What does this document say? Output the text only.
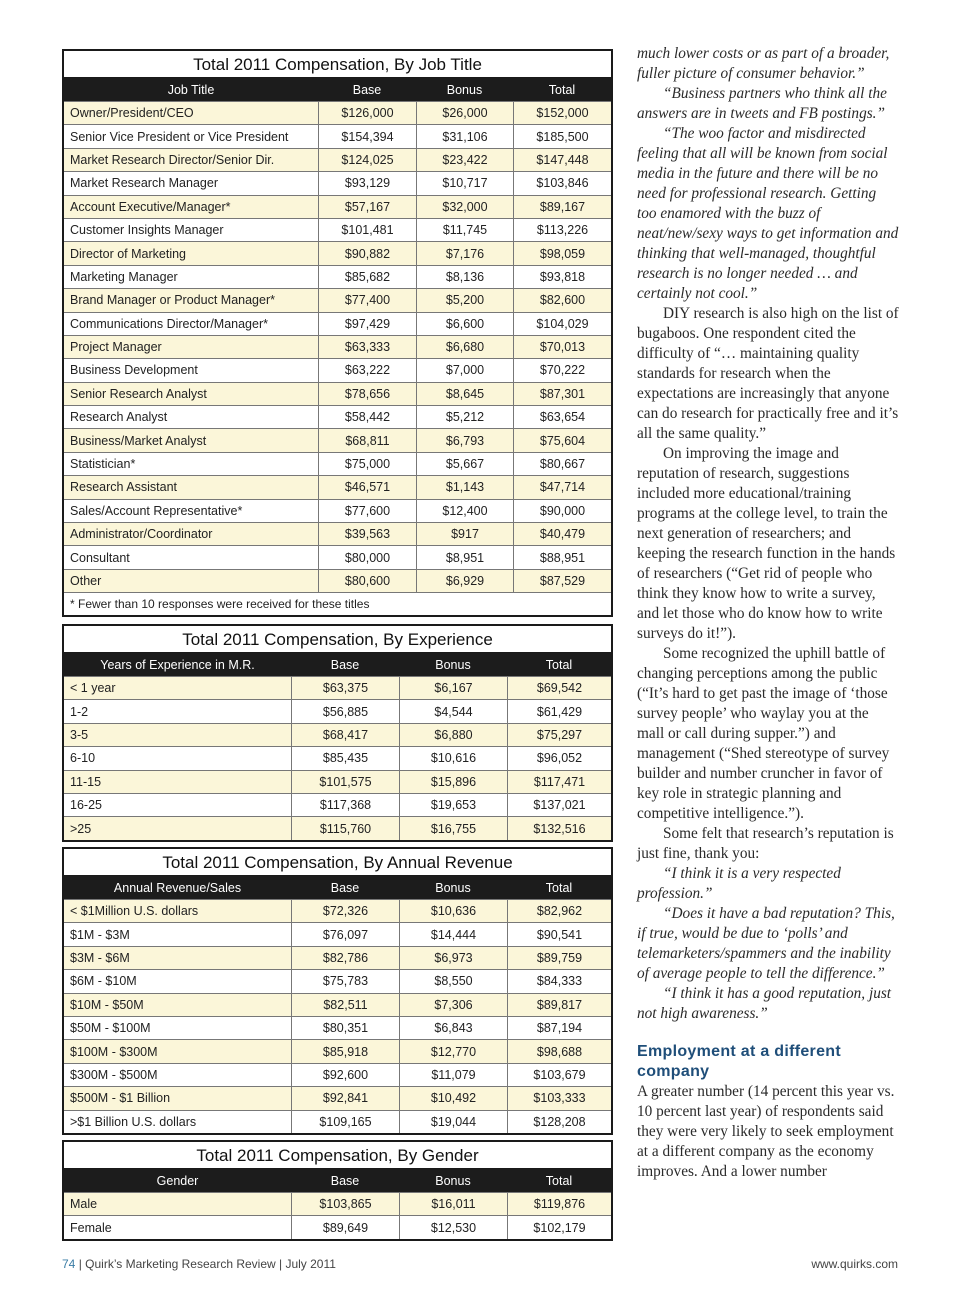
Total 2011 Compensation, By Job Title
Job Title	Base	Bonus	Total
Owner/President/CEO	$126,000	$26,000	$152,000
Senior Vice President or Vice President	$154,394	$31,106	$185,500
Market Research Director/Senior Dir.	$124,025	$23,422	$147,448
Market Research Manager	$93,129	$10,717	$103,846
Account Executive/Manager*	$57,167	$32,000	$89,167
Customer Insights Manager	$101,481	$11,745	$113,226
Director of Marketing	$90,882	$7,176	$98,059
Marketing Manager	$85,682	$8,136	$93,818
Brand Manager or Product Manager*	$77,400	$5,200	$82,600
Communications Director/Manager*	$97,429	$6,600	$104,029
Project Manager	$63,333	$6,680	$70,013
Business Development	$63,222	$7,000	$70,222
Senior Research Analyst	$78,656	$8,645	$87,301
Research Analyst	$58,442	$5,212	$63,654
Business/Market Analyst	$68,811	$6,793	$75,604
Statistician*	$75,000	$5,667	$80,667
Research Assistant	$46,571	$1,143	$47,714
Sales/Account Representative*	$77,600	$12,400	$90,000
Administrator/Coordinator	$39,563	$917	$40,479
Consultant	$80,000	$8,951	$88,951
Other	$80,600	$6,929	$87,529
* Fewer than 10 responses were received for these titles
Total 2011 Compensation, By Experience
Years of Experience in M.R.	Base	Bonus	Total
< 1 year	$63,375	$6,167	$69,542
1-2	$56,885	$4,544	$61,429
3-5	$68,417	$6,880	$75,297
6-10	$85,435	$10,616	$96,052
11-15	$101,575	$15,896	$117,471
16-25	$117,368	$19,653	$137,021
>25	$115,760	$16,755	$132,516
Total 2011 Compensation, By Annual Revenue
Annual Revenue/Sales	Base	Bonus	Total
< $1Million U.S. dollars	$72,326	$10,636	$82,962
$1M - $3M	$76,097	$14,444	$90,541
$3M - $6M	$82,786	$6,973	$89,759
$6M - $10M	$75,783	$8,550	$84,333
$10M - $50M	$82,511	$7,306	$89,817
$50M - $100M	$80,351	$6,843	$87,194
$100M - $300M	$85,918	$12,770	$98,688
$300M - $500M	$92,600	$11,079	$103,679
$500M - $1 Billion	$92,841	$10,492	$103,333
>$1 Billion U.S. dollars	$109,165	$19,044	$128,208
Total 2011 Compensation, By Gender
Gender	Base	Bonus	Total
Male	$103,865	$16,011	$119,876
Female	$89,649	$12,530	$102,179

much lower costs or as part of a broader, fuller picture of consumer behavior.”

“Business partners who think all the answers are in tweets and FB postings.”

“The woo factor and misdirected feeling that all will be known from social media in the future and there will be no need for professional research. Getting too enamored with the buzz of neat/new/sexy ways to get information and thinking that well-managed, thoughtful research is no longer needed … and certainly not cool.”

DIY research is also high on the list of bugaboos. One respondent cited the difficulty of “… maintaining quality standards for research when the expectations are increasingly that anyone can do research for practically free and it’s all the same quality.”

On improving the image and reputation of research, suggestions included more educational/training programs at the college level, to train the next generation of researchers; and keeping the research function in the hands of researchers (“Get rid of people who think they know how to write a survey, and let those who do know how to write surveys do it!”).

Some recognized the uphill battle of changing perceptions among the public (“It’s hard to get past the image of ‘those survey people’ who waylay you at the mall or call during supper.”) and management (“Shed stereotype of survey builder and number cruncher in favor of key role in strategic planning and competitive intelligence.”).

Some felt that research’s reputation is just fine, thank you:

“I think it is a very respected profession.”

“Does it have a bad reputation? This, if true, would be due to ‘polls’ and telemarketers/spammers and the inability of average people to tell the difference.”

“I think it has a good reputation, just not high awareness.”

Employment at a different company

A greater number (14 percent this year vs. 10 percent last year) of respondents said they were very likely to seek employment at a different company as the economy improves. And a lower number

74 | Quirk’s Marketing Research Review | July 2011	www.quirks.com
